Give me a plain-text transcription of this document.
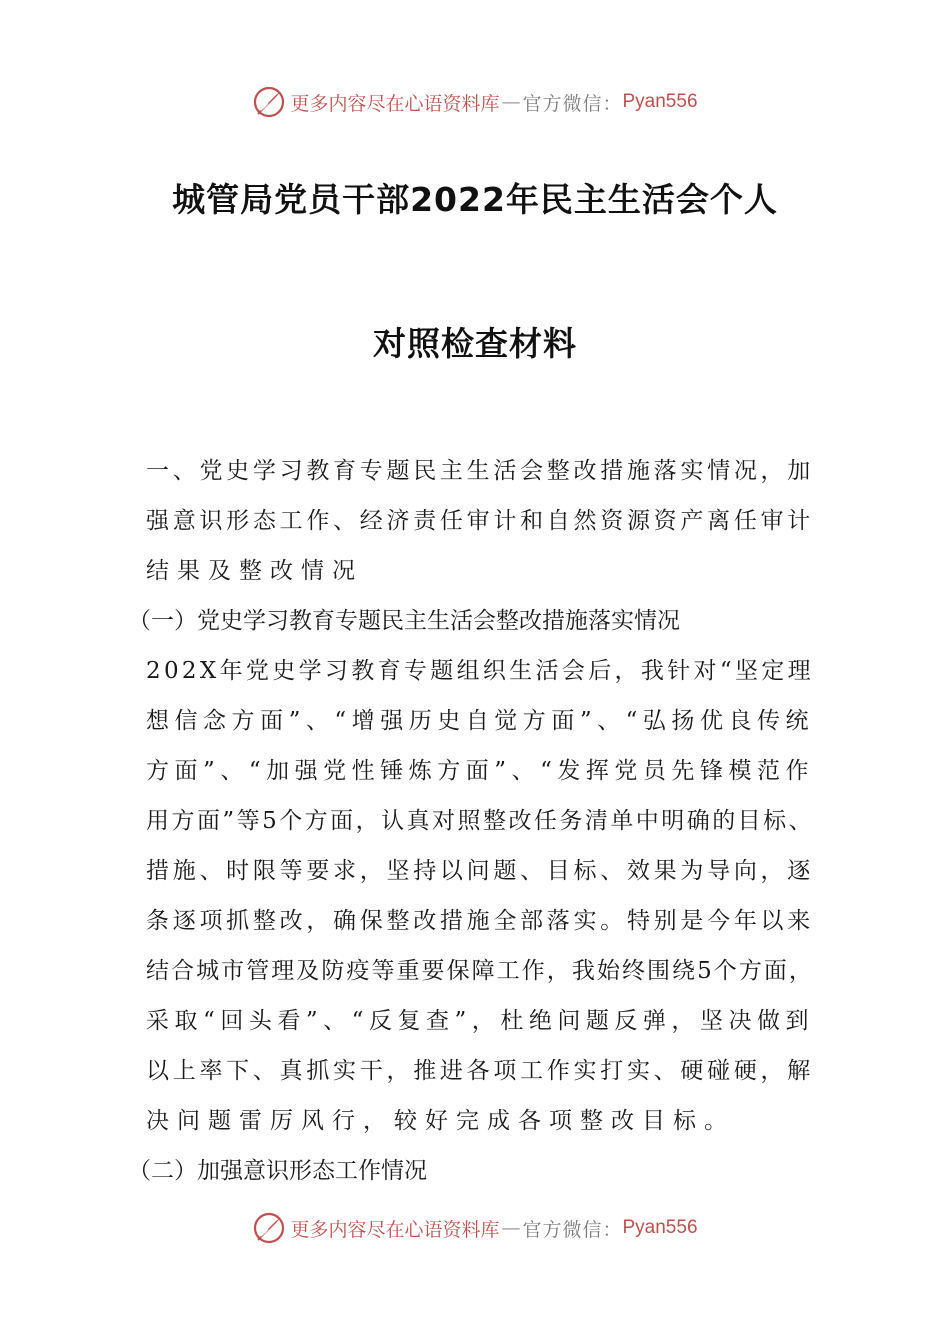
更多内容尽在心语资料库 — 官方微信： Pyan556
城管局党员干部2022年民主生活会个人
对照检查材料

一、党史学习教育专题民主生活会整改措施落实情况，加
强意识形态工作、经济责任审计和自然资源资产离任审计
结果及整改情况

（一）党史学习教育专题民主生活会整改措施落实情况

202X年党史学习教育专题组织生活会后，我针对“坚定理
想信念方面”、“增强历史自觉方面”、“弘扬优良传统
方面”、“加强党性锤炼方面”、“发挥党员先锋模范作
用方面”等5个方面，认真对照整改任务清单中明确的目标、
措施、时限等要求，坚持以问题、目标、效果为导向，逐
条逐项抓整改，确保整改措施全部落实。特别是今年以来
结合城市管理及防疫等重要保障工作，我始终围绕5个方面，
采取“回头看”、“反复查”，杜绝问题反弹，坚决做到
以上率下、真抓实干，推进各项工作实打实、硬碰硬，解
决问题雷厉风行，较好完成各项整改目标。

（二）加强意识形态工作情况

更多内容尽在心语资料库 — 官方微信： Pyan556
